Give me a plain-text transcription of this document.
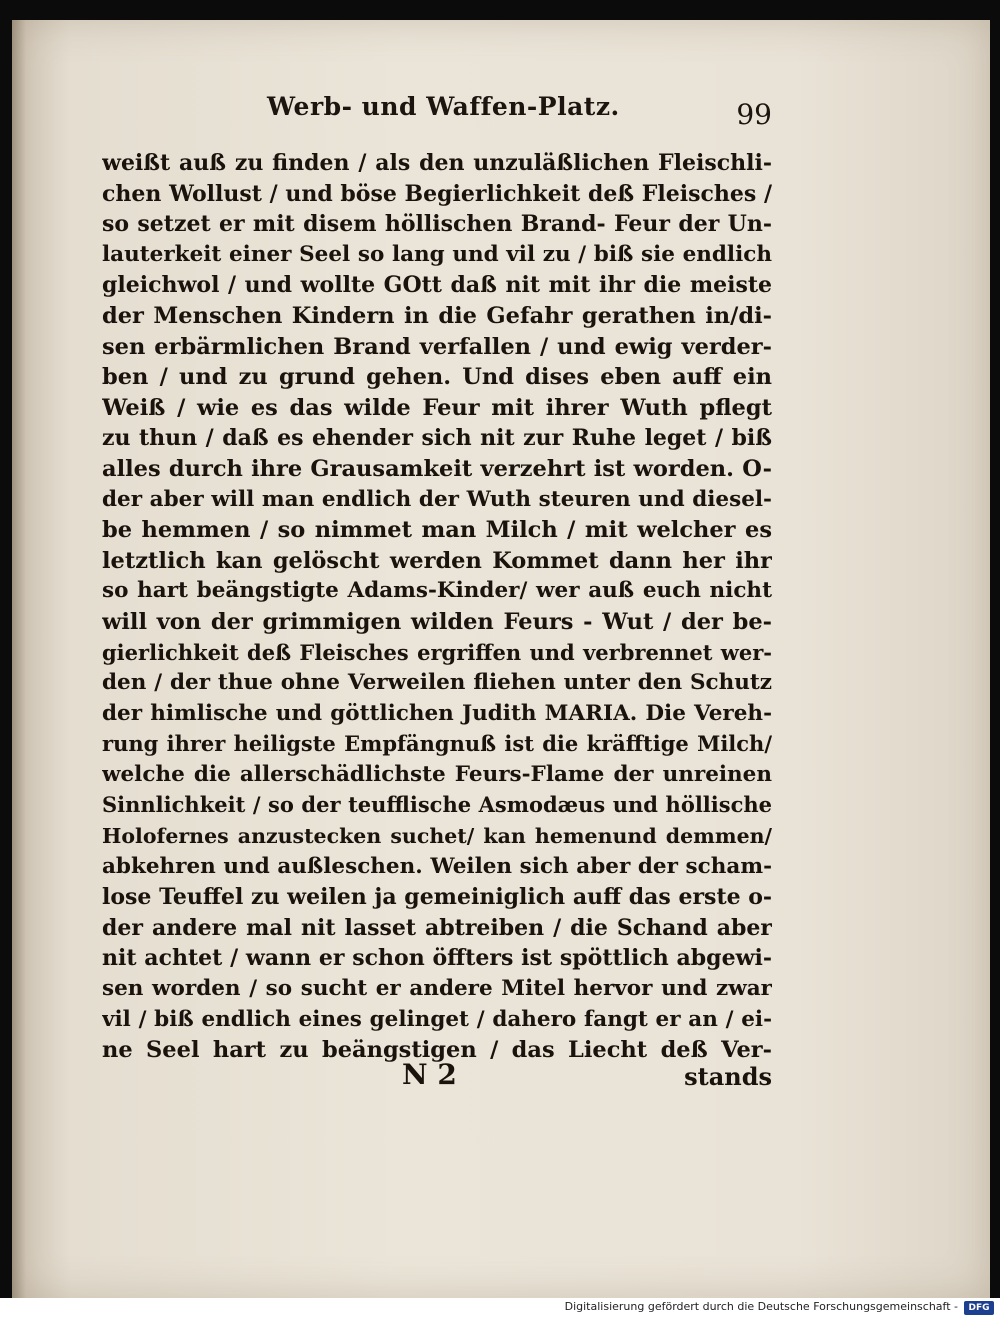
Werb- und Waffen-Platz.	99
weißt auß zu finden / als den unzuläßlichen Fleischli-
chen Wollust / und böse Begierlichkeit deß Fleisches /
so setzet er mit disem höllischen Brand- Feur der Un-
lauterkeit einer Seel so lang und vil zu / biß sie endlich
gleichwol / und wollte GOtt daß nit mit ihr die meiste
der Menschen Kindern in die Gefahr gerathen in/di-
sen erbärmlichen Brand verfallen / und ewig verder-
ben / und zu grund gehen. Und dises eben auff ein
Weiß / wie es das wilde Feur mit ihrer Wuth pflegt
zu thun / daß es ehender sich nit zur Ruhe leget / biß
alles durch ihre Grausamkeit verzehrt ist worden. O-
der aber will man endlich der Wuth steuren und diesel-
be hemmen / so nimmet man Milch / mit welcher es
letztlich kan gelöscht werden Kommet dann her ihr
so hart beängstigte Adams-Kinder/ wer auß euch nicht
will von der grimmigen wilden Feurs - Wut / der be-
gierlichkeit deß Fleisches ergriffen und verbrennet wer-
den / der thue ohne Verweilen fliehen unter den Schutz
der himlische und göttlichen Judith MARIA. Die Vereh-
rung ihrer heiligste Empfängnuß ist die kräfftige Milch/
welche die allerschädlichste Feurs-Flame der unreinen
Sinnlichkeit / so der teufflische Asmodæus und höllische
Holofernes anzustecken suchet/ kan hemenund demmen/
abkehren und außleschen. Weilen sich aber der scham-
lose Teuffel zu weilen ja gemeiniglich auff das erste o-
der andere mal nit lasset abtreiben / die Schand aber
nit achtet / wann er schon öffters ist spöttlich abgewi-
sen worden / so sucht er andere Mitel hervor und zwar
vil / biß endlich eines gelinget / dahero fangt er an / ei-
ne Seel hart zu beängstigen / das Liecht deß Ver-
N 2	stands
Digitalisierung gefördert durch die Deutsche Forschungsgemeinschaft -	DFG
